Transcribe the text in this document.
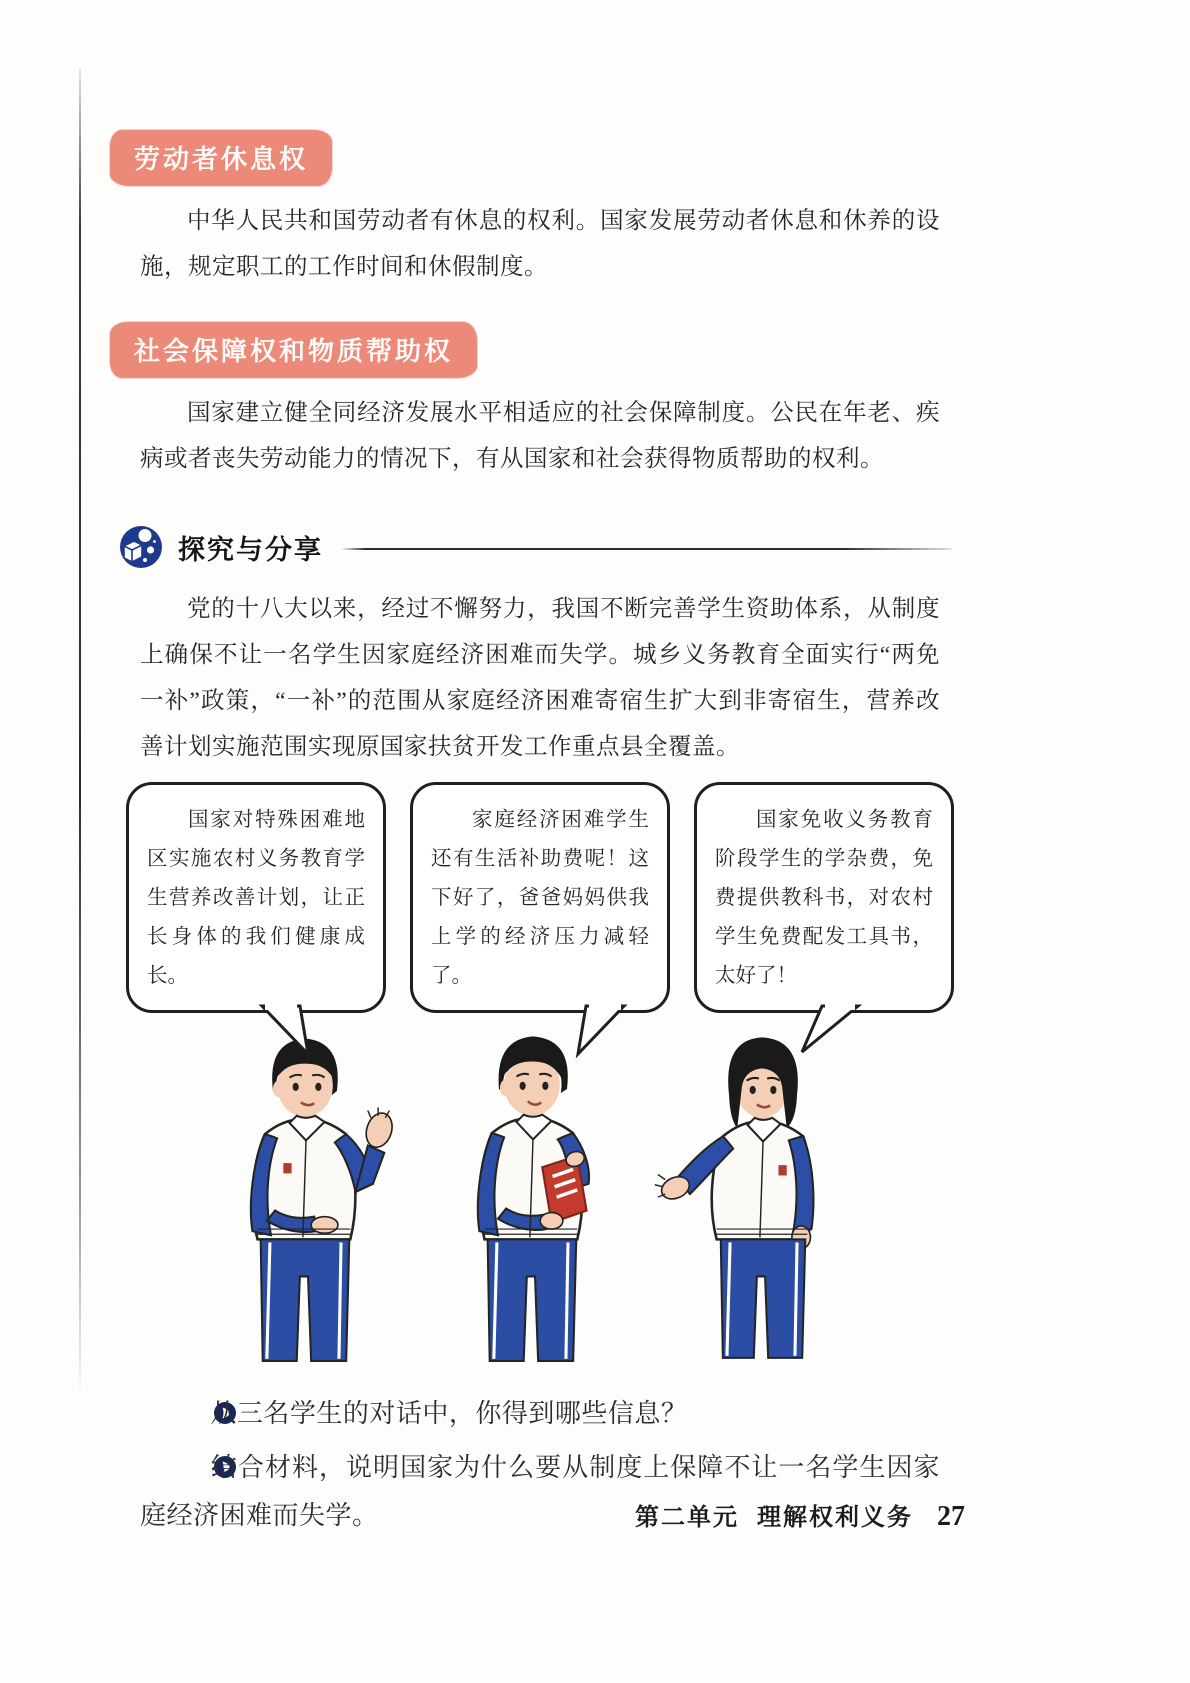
劳动者休息权

中华人民共和国劳动者有休息的权利。国家发展劳动者休息和休养的设施，规定职工的工作时间和休假制度。

社会保障权和物质帮助权

国家建立健全同经济发展水平相适应的社会保障制度。公民在年老、疾病或者丧失劳动能力的情况下，有从国家和社会获得物质帮助的权利。

探究与分享

党的十八大以来，经过不懈努力，我国不断完善学生资助体系，从制度上确保不让一名学生因家庭经济困难而失学。城乡义务教育全面实行“两免一补”政策，“一补”的范围从家庭经济困难寄宿生扩大到非寄宿生，营养改善计划实施范围实现原国家扶贫开发工作重点县全覆盖。

国家对特殊困难地区实施农村义务教育学生营养改善计划，让正长身体的我们健康成长。
家庭经济困难学生还有生活补助费呢！这下好了，爸爸妈妈供我上学的经济压力减轻了。
国家免收义务教育阶段学生的学杂费，免费提供教科书，对农村学生免费配发工具书，太好了！

从三名学生的对话中，你得到哪些信息？

结合材料，说明国家为什么要从制度上保障不让一名学生因家庭经济困难而失学。	第二单元 理解权利义务 27
